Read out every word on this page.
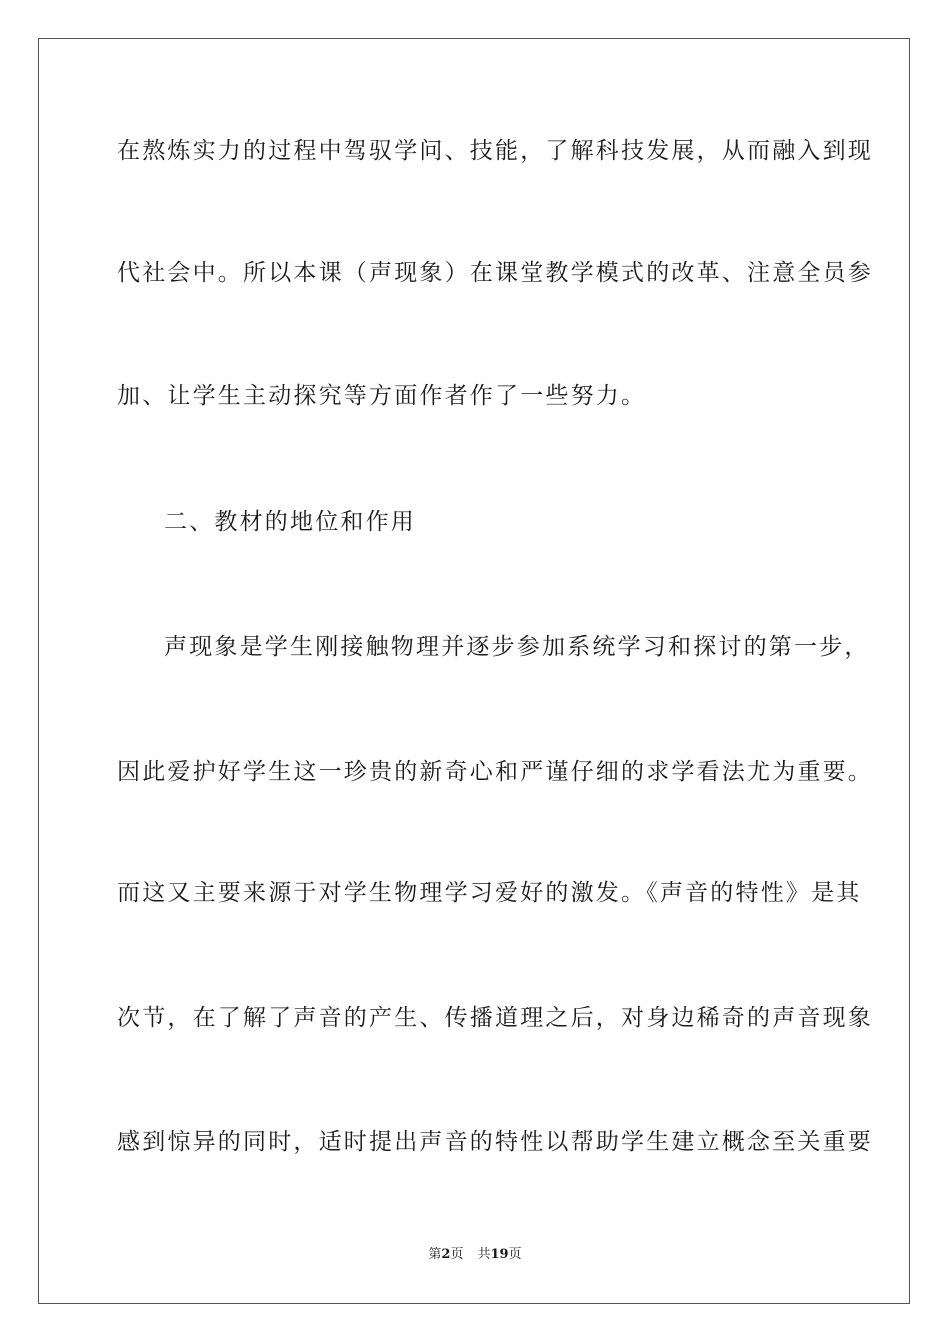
在熬炼实力的过程中驾驭学问、技能，了解科技发展，从而融入到现
代社会中。所以本课（声现象）在课堂教学模式的改革、注意全员参
加、让学生主动探究等方面作者作了一些努力。
二、教材的地位和作用
声现象是学生刚接触物理并逐步参加系统学习和探讨的第一步，
因此爱护好学生这一珍贵的新奇心和严谨仔细的求学看法尤为重要。
而这又主要来源于对学生物理学习爱好的激发。《声音的特性》是其
次节，在了解了声音的产生、传播道理之后，对身边稀奇的声音现象
感到惊异的同时，适时提出声音的特性以帮助学生建立概念至关重要
第2页 共19页
